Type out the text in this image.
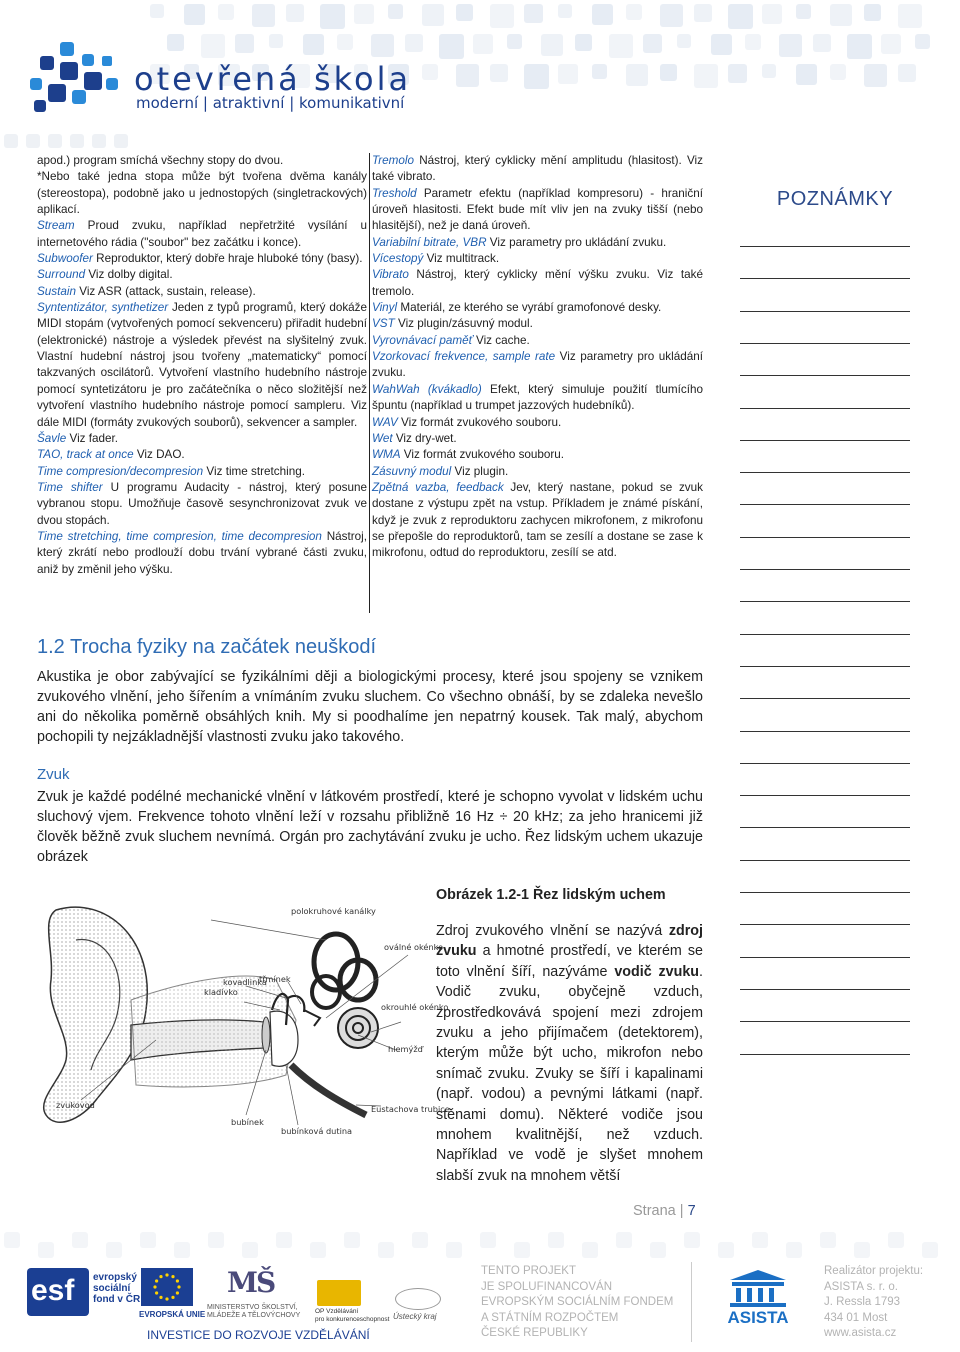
otevřená škola
moderní | atraktivní | komunikativní

apod.) program smíchá všechny stopy do dvou.

*Nebo také jedna stopa může být tvořena dvěma kanály (stereostopa), podobně jako u jednostopých (singletrackových) aplikací.

Stream Proud zvuku, například nepřetržité vysílání u internetového rádia ("soubor" bez začátku i konce).

Subwoofer Reproduktor, který dobře hraje hluboké tóny (basy).

Surround Viz dolby digital.

Sustain Viz ASR (attack, sustain, release).

Syntentizátor, synthetizer Jeden z typů programů, který dokáže MIDI stopám (vytvořených pomocí sekvenceru) přiřadit hudební (elektronické) nástroje a výsledek převést na slyšitelný zvuk. Vlastní hudební nástroj jsou tvořeny „matematicky“ pomocí takzvaných oscilátorů. Vytvoření vlastního hudebního nástroje pomocí syntetizátoru je pro začátečníka o něco složitější než vytvoření vlastního hudebního nástroje pomocí sampleru. Viz dále MIDI (formáty zvukových souborů), sekvencer a sampler.

Šavle Viz fader.

TAO, track at once Viz DAO.

Time compresion/decompresion Viz time stretching.

Time shifter U programu Audacity - nástroj, který posune vybranou stopu. Umožňuje časově sesynchronizovat zvuk ve dvou stopách.

Time stretching, time compresion, time decompresion Nástroj, který zkrátí nebo prodlouží dobu trvání vybrané části zvuku, aniž by změnil jeho výšku.

Tremolo Nástroj, který cyklicky mění amplitudu (hlasitost). Viz také vibrato.

Treshold Parametr efektu (například kompresoru) - hraniční úroveň hlasitosti. Efekt bude mít vliv jen na zvuky tišší (nebo hlasitější), než je daná úroveň.

Variabilní bitrate, VBR Viz parametry pro ukládání zvuku.

Vícestopý Viz multitrack.

Vibrato Nástroj, který cyklicky mění výšku zvuku. Viz také tremolo.

Vinyl Materiál, ze kterého se vyrábí gramofonové desky.

VST Viz plugin/zásuvný modul.

Vyrovnávací paměť Viz cache.

Vzorkovací frekvence, sample rate Viz parametry pro ukládání zvuku.

WahWah (kvákadlo) Efekt, který simuluje použití tlumícího špuntu (například u trumpet jazzových hudebníků).

WAV Viz formát zvukového souboru.

Wet Viz dry-wet.

WMA Viz formát zvukového souboru.

Zásuvný modul Viz plugin.

Zpětná vazba, feedback Jev, který nastane, pokud se zvuk dostane z výstupu zpět na vstup. Příkladem je známé pískání, když je zvuk z reproduktoru zachycen mikrofonem, z mikrofonu se přepošle do reproduktorů, tam se zesílí a dostane se zase k mikrofonu, odtud do reproduktoru, zesílí se atd.

POZNÁMKY
1.2 Trocha fyziky na začátek neuškodí
Akustika je obor zabývající se fyzikálními ději a biologickými procesy, které jsou spojeny se vznikem zvukového vlnění, jeho šířením a vnímáním zvuku sluchem. Co všechno obnáší, by se zdaleka nevešlo ani do několika poměrně obsáhlých knih. My si poodhalíme jen nepatrný kousek. Tak malý, abychom pochopili ty nejzákladnější vlastnosti zvuku jako takového.
Zvuk
Zvuk je každé podélné mechanické vlnění v látkovém prostředí, které je schopno vyvolat v lidském uchu sluchový vjem. Frekvence tohoto vlnění leží v rozsahu přibližně 16 Hz ÷ 20 kHz; za jeho hranicemi již člověk běžně zvuk sluchem nevnímá. Orgán pro zachytávání zvuku je ucho. Řez lidským uchem ukazuje obrázek
Obrázek 1.2-1 Řez lidským uchem
Zdroj zvukového vlnění se nazývá zdroj zvuku a hmotné prostředí, ve kterém se toto vlnění šíří, nazýváme vodič zvuku. Vodič zvuku, obyčejně vzduch, zprostředkovává spojení mezi zdrojem zvuku a jeho přijímačem (detektorem), kterým může být ucho, mikrofon nebo snímač zvuku. Zvuky se šíří i kapalinami (např. vodou) a pevnými látkami (např. stěnami domu). Některé vodiče jsou mnohem kvalitnější, než vzduch. Například ve vodě je slyšet mnohem slabší zvuk na mnohem větší
polokruhové kanálky
kovadlinka
třmínek
kladívko
oválné okénko
okrouhlé okénko
hlemýžď
zvukovod
bubínek
bubínková dutina
Eustachova trubice
Strana | 7
esf evropský
sociální
fond v ČR
EVROPSKÁ UNIE
MŠ
MINISTERSTVO ŠKOLSTVÍ,
MLÁDEŽE A TĚLOVÝCHOVY
OP Vzdělávání
pro konkurenceschopnost Ústecký kraj
INVESTICE DO ROZVOJE VZDĚLÁVÁNÍ
TENTO PROJEKT
JE SPOLUFINANCOVÁN
EVROPSKÝM SOCIÁLNÍM FONDEM
A STÁTNÍM ROZPOČTEM
ČESKÉ REPUBLIKY
ASISTA
Realizátor projektu:
ASISTA s. r. o.
J. Ressla 1793
434 01 Most
www.asista.cz
